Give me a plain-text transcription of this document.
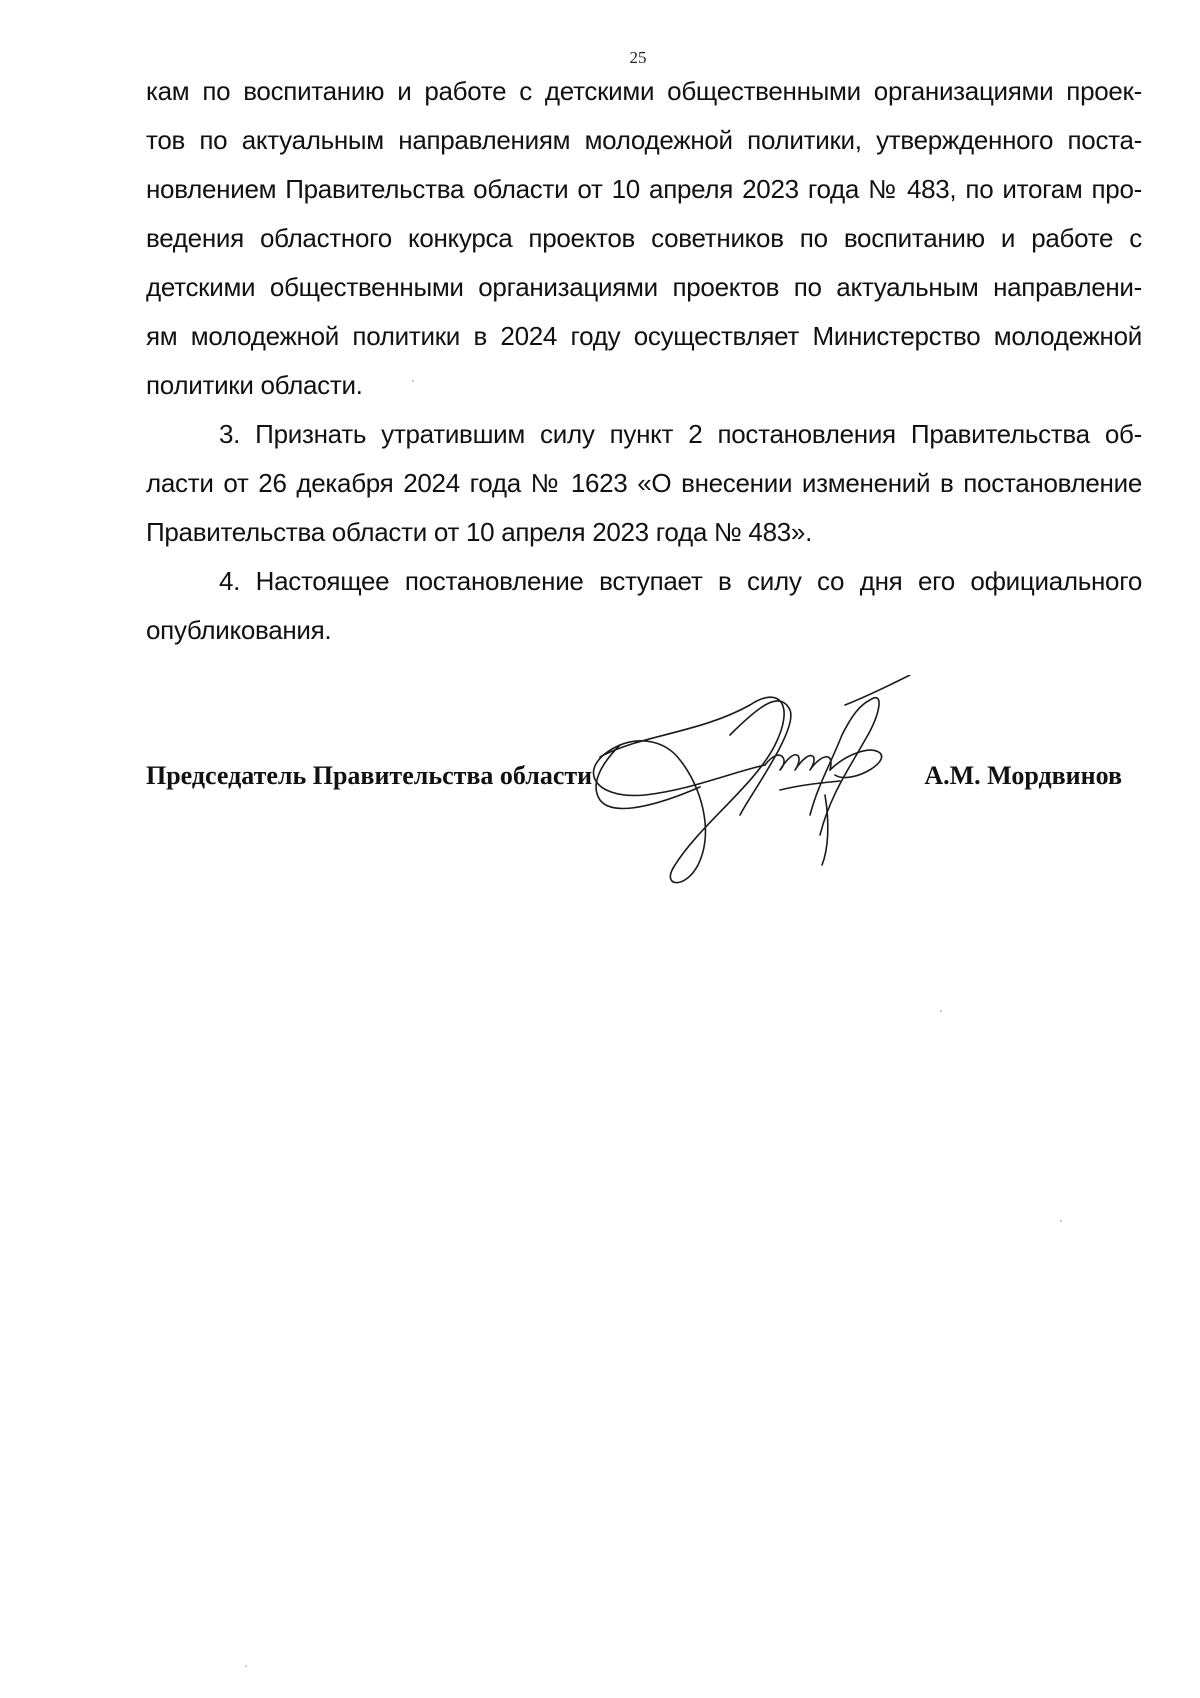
25
кам по воспитанию и работе с детскими общественными организациями проек-
тов по актуальным направлениям молодежной политики, утвержденного поста-
новлением Правительства области от 10 апреля 2023 года № 483, по итогам про-
ведения областного конкурса проектов советников по воспитанию и работе с
детскими общественными организациями проектов по актуальным направлени-
ям молодежной политики в 2024 году осуществляет Министерство молодежной
политики области.
3. Признать утратившим силу пункт 2 постановления Правительства об-
ласти от 26 декабря 2024 года № 1623 «О внесении изменений в постановление
Правительства области от 10 апреля 2023 года № 483».
4. Настоящее постановление вступает в силу со дня его официального
опубликования.
Председатель Правительства области	А.М. Мордвинов
